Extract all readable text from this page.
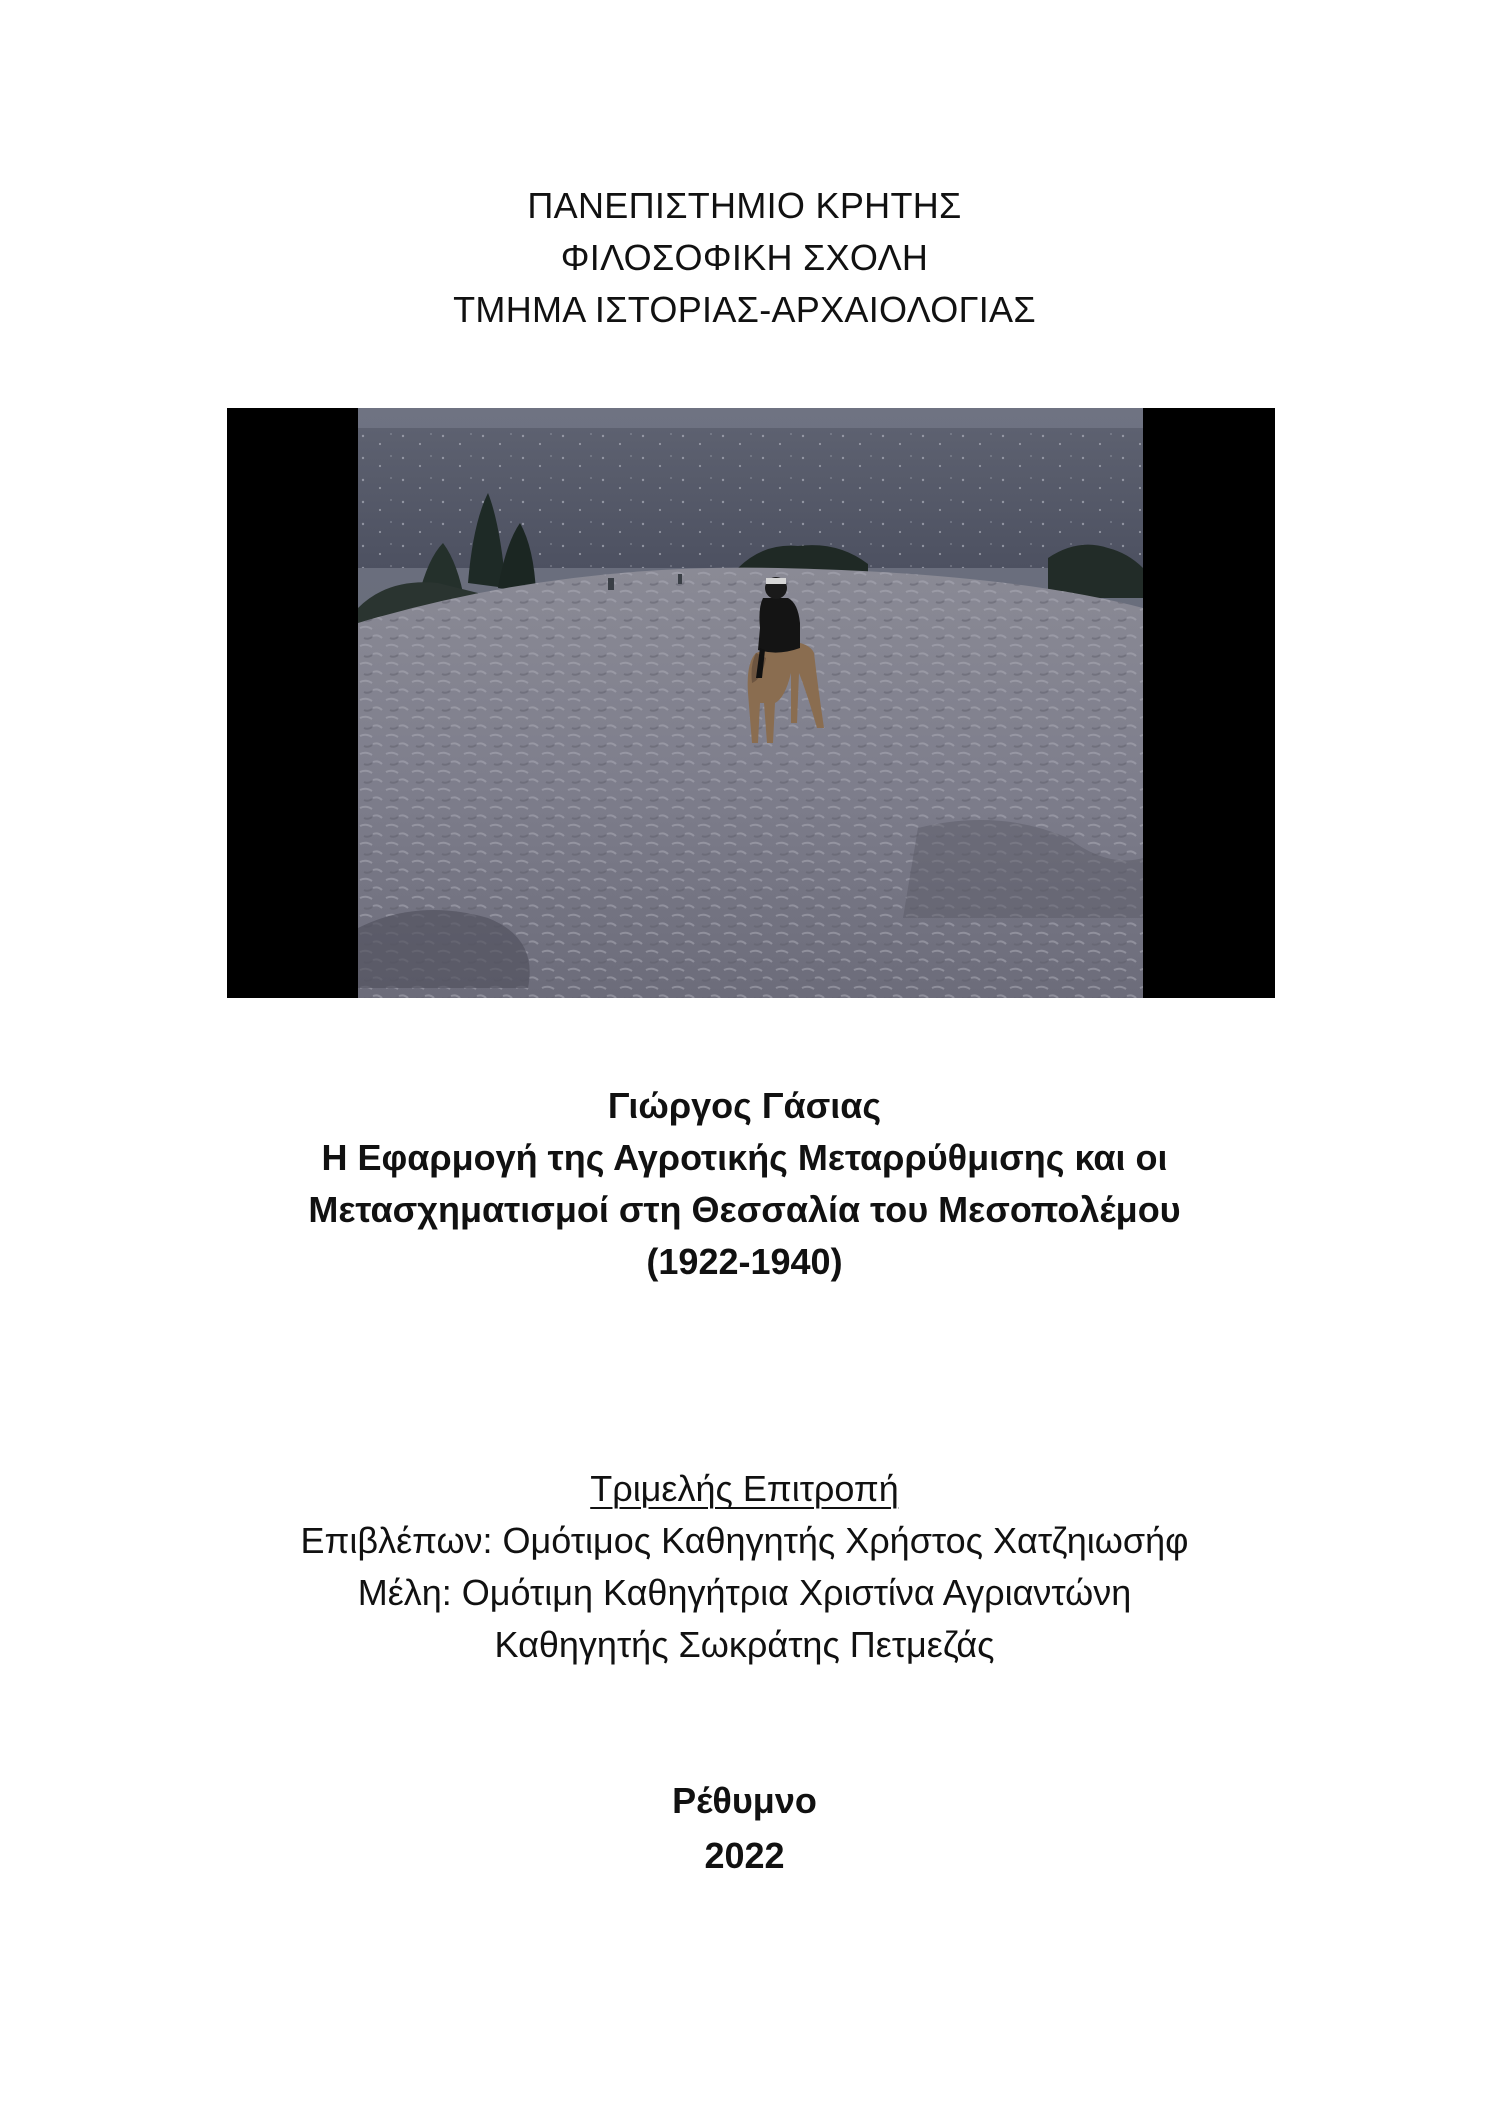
ΠΑΝΕΠΙΣΤΗΜΙΟ ΚΡΗΤΗΣ
ΦΙΛΟΣΟΦΙΚΗ ΣΧΟΛΗ
ΤΜΗΜΑ ΙΣΤΟΡΙΑΣ-ΑΡΧΑΙΟΛΟΓΙΑΣ
Γιώργος Γάσιας
Η Εφαρμογή της Αγροτικής Μεταρρύθμισης και οι
Μετασχηματισμοί στη Θεσσαλία του Μεσοπολέμου
(1922-1940)
Τριμελής Επιτροπή
Επιβλέπων: Ομότιμος Καθηγητής Χρήστος Χατζηιωσήφ
Μέλη: Ομότιμη Καθηγήτρια Χριστίνα Αγριαντώνη
Καθηγητής Σωκράτης Πετμεζάς
Ρέθυμνο
2022
